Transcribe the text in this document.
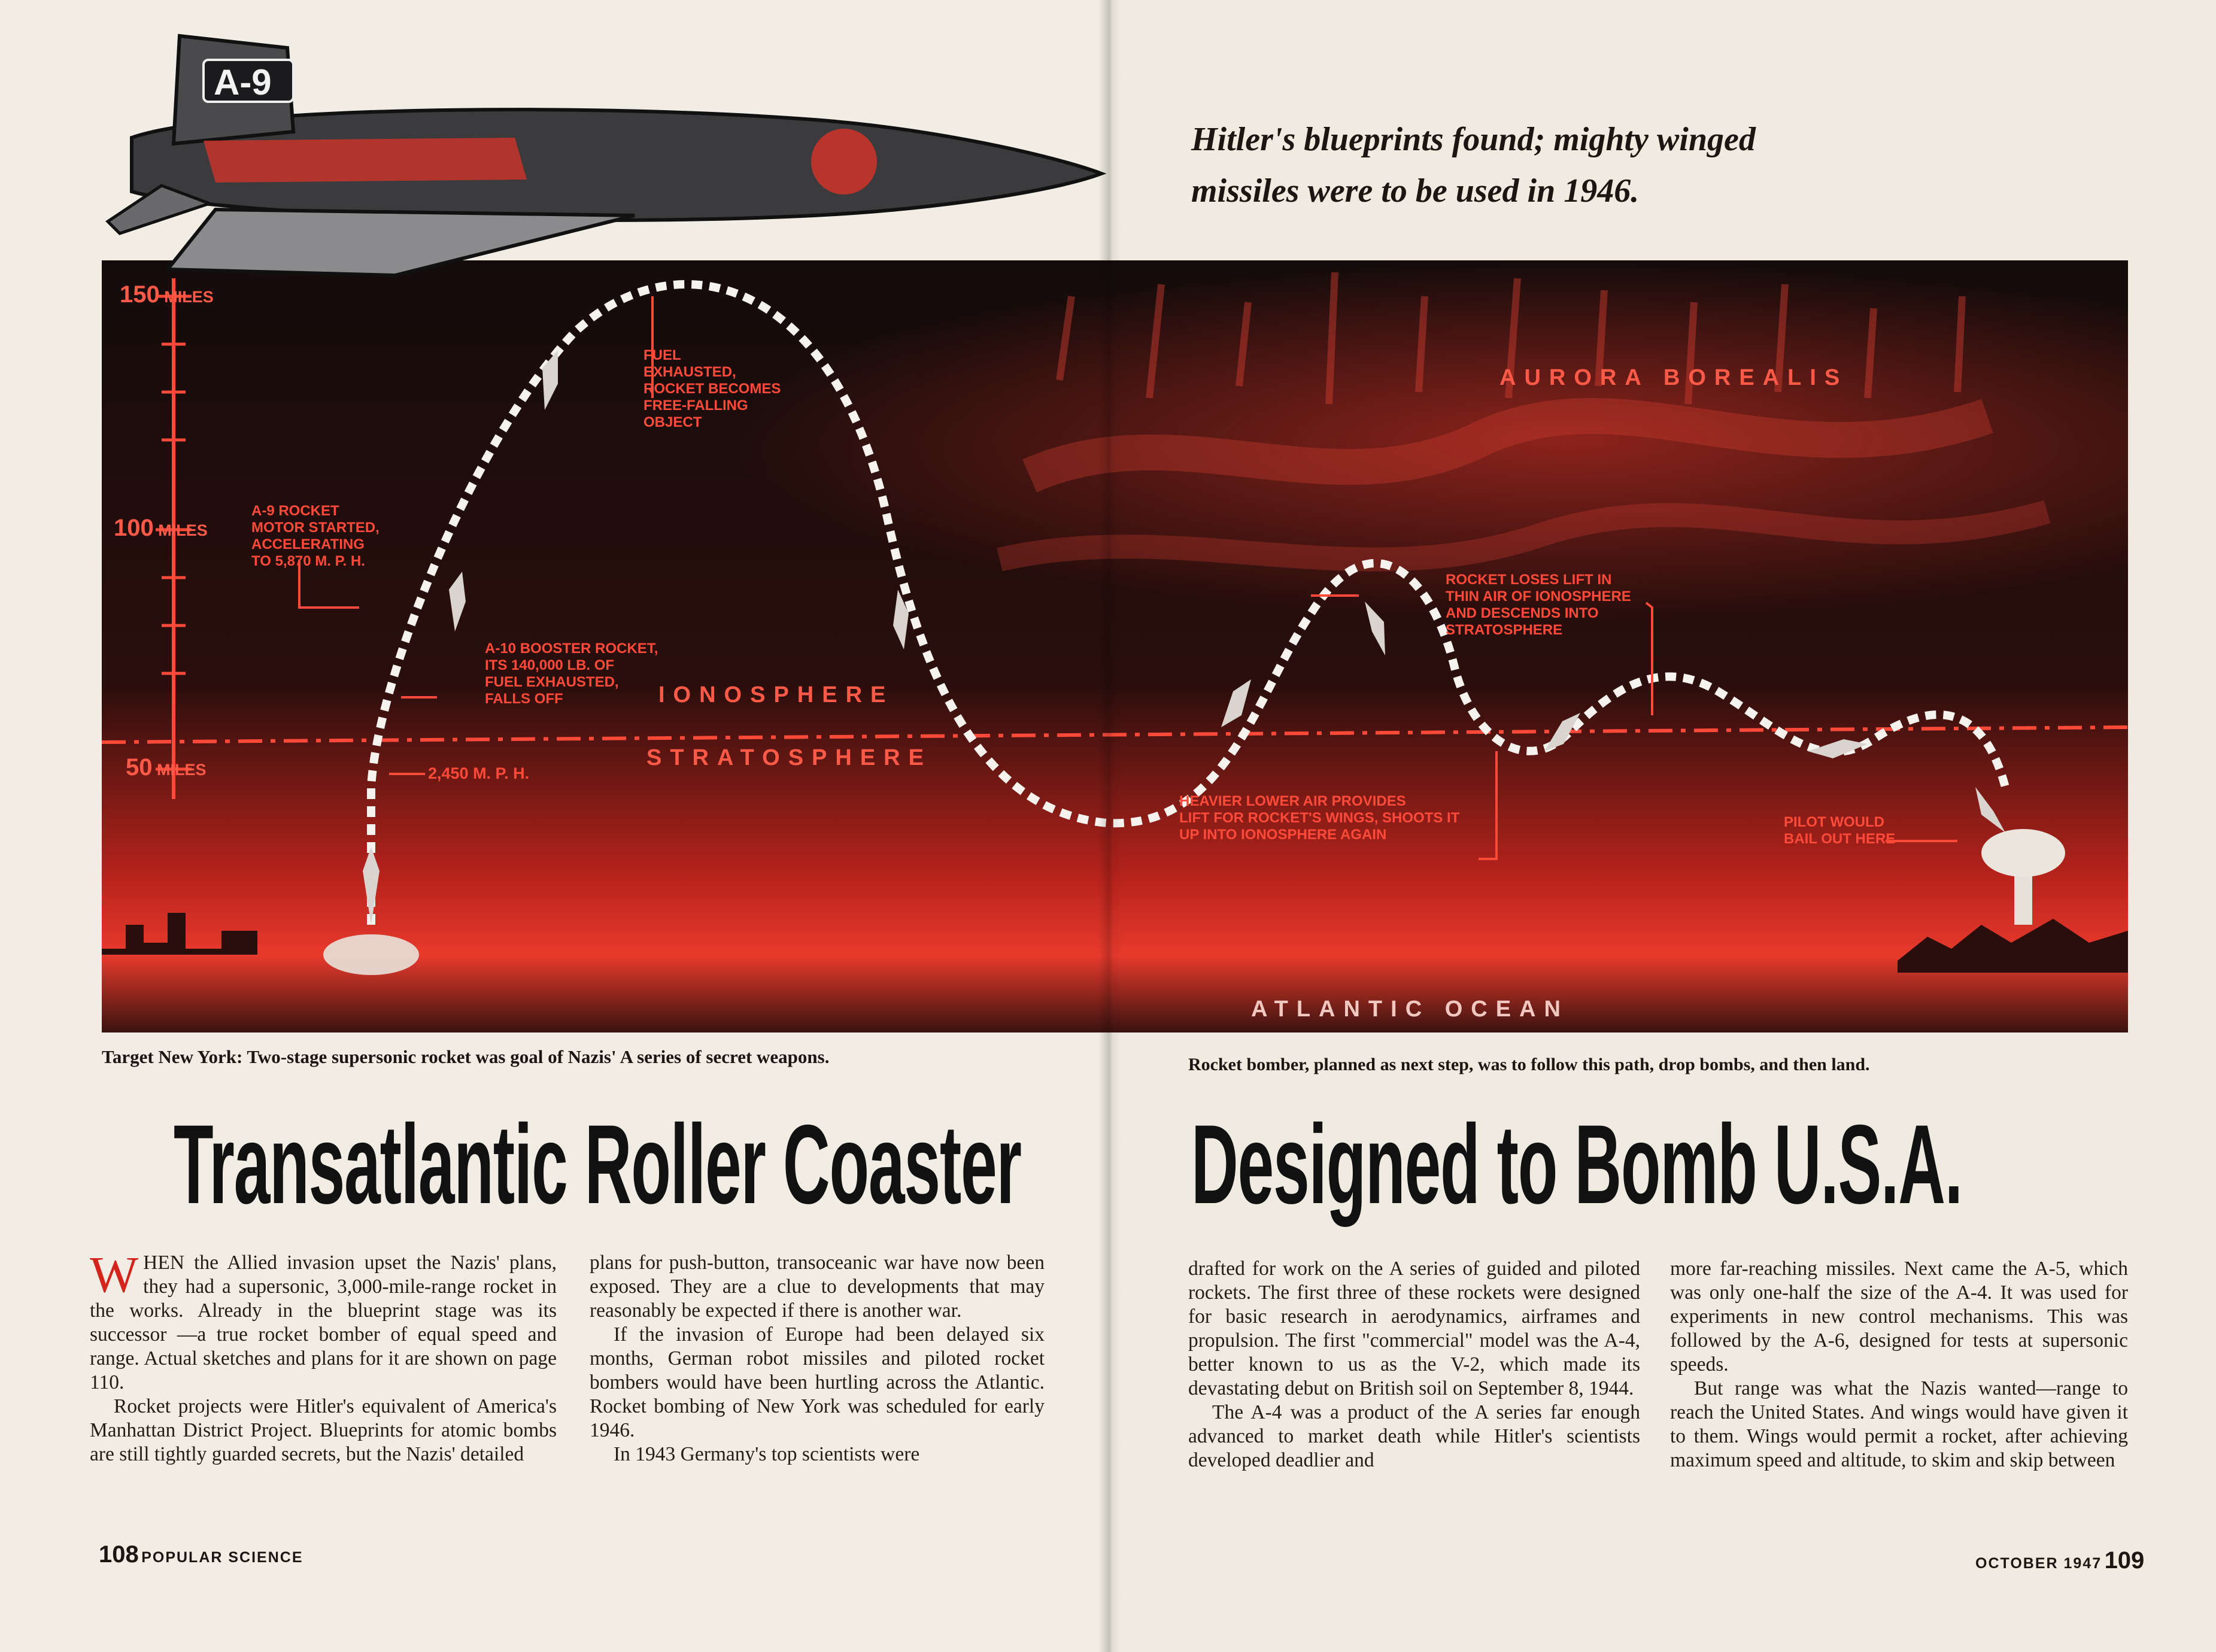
Hitler's blueprints found; mighty winged
missiles were to be used in 1946.
150 MILES
100 MILES
50 MILES
AURORA BOREALIS
IONOSPHERE
STRATOSPHERE
ATLANTIC OCEAN
FUEL
EXHAUSTED,
ROCKET BECOMES
FREE-FALLING
OBJECT
A-9 ROCKET
MOTOR STARTED,
ACCELERATING
TO 5,870 M. P. H.
A-10 BOOSTER ROCKET,
ITS 140,000 LB. OF
FUEL EXHAUSTED,
FALLS OFF
2,450 M. P. H.
ROCKET LOSES LIFT IN
THIN AIR OF IONOSPHERE
AND DESCENDS INTO
STRATOSPHERE
HEAVIER LOWER AIR PROVIDES
LIFT FOR ROCKET'S WINGS, SHOOTS IT
UP INTO IONOSPHERE AGAIN
PILOT WOULD
BAIL OUT HERE
A-9
Target New York: Two-stage supersonic rocket was goal of Nazis' A series of secret weapons.	Rocket bomber, planned as next step, was to follow this path, drop bombs, and then land.
Transatlantic Roller Coaster Designed to Bomb U.S.A.

WHEN the Allied invasion upset the Nazis' plans, they had a supersonic, 3,000-mile-range rocket in the works. Already in the blueprint stage was its successor —a true rocket bomber of equal speed and range. Actual sketches and plans for it are shown on page 110.

Rocket projects were Hitler's equivalent of America's Manhattan District Project. Blueprints for atomic bombs are still tightly guarded secrets, but the Nazis' detailed

plans for push-button, transoceanic war have now been exposed. They are a clue to developments that may reasonably be expected if there is another war.

If the invasion of Europe had been delayed six months, German robot missiles and piloted rocket bombers would have been hurtling across the Atlantic. Rocket bombing of New York was scheduled for early 1946.

In 1943 Germany's top scientists were

drafted for work on the A series of guided and piloted rockets. The first three of these rockets were designed for basic research in aerodynamics, airframes and propulsion. The first "commercial" model was the A-4, better known to us as the V-2, which made its devastating debut on British soil on September 8, 1944.

The A-4 was a product of the A series far enough advanced to market death while Hitler's scientists developed deadlier and

more far-reaching missiles. Next came the A-5, which was only one-half the size of the A-4. It was used for experiments in new control mechanisms. This was followed by the A-6, designed for tests at supersonic speeds.

But range was what the Nazis wanted—range to reach the United States. And wings would have given it to them. Wings would permit a rocket, after achieving maximum speed and altitude, to skim and skip between

108 POPULAR SCIENCE	OCTOBER 1947 109
